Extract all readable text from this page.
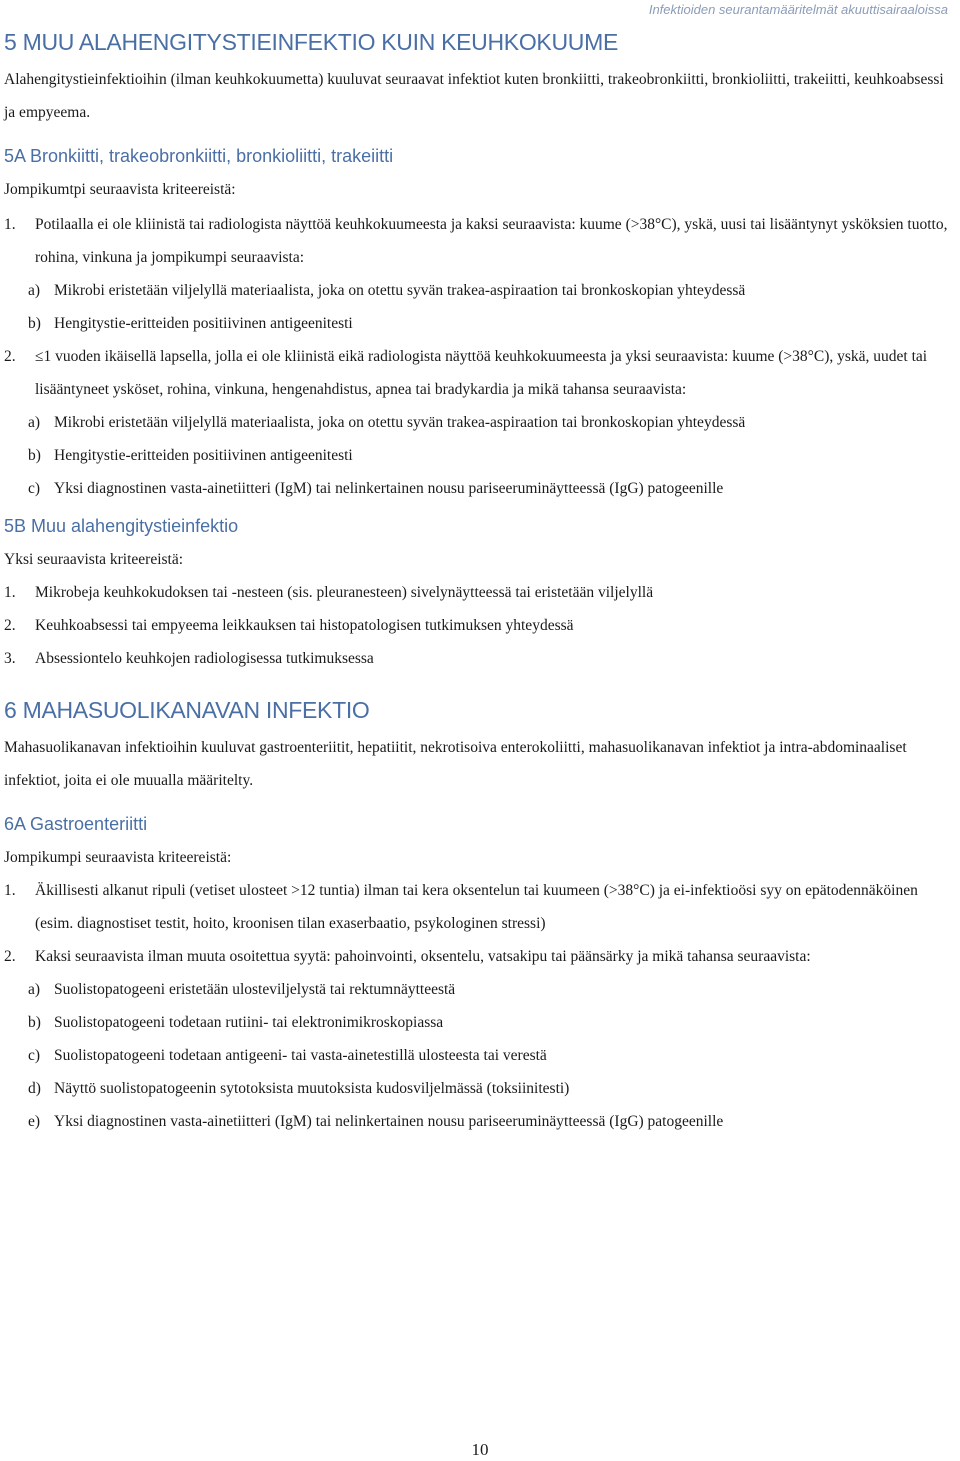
Infektioiden seurantamääritelmät akuuttisairaaloissa
5 MUU ALAHENGITYSTIEINFEKTIO KUIN KEUHKOKUUME

Alahengitystieinfektioihin (ilman keuhkokuumetta) kuuluvat seuraavat infektiot kuten bronkiitti, trakeobronkiitti, bronkioliitti, trakeiitti, keuhkoabsessi ja empyeema.

5A Bronkiitti, trakeobronkiitti, bronkioliitti, trakeiitti

Jompikumtpi seuraavista kriteereistä:

1. Potilaalla ei ole kliinistä tai radiologista näyttöä keuhkokuumeesta ja kaksi seuraavista: kuume (>38°C), yskä, uusi tai lisääntynyt ysköksien tuotto, rohina, vinkuna ja jompikumpi seuraavista:
a) Mikrobi eristetään viljelyllä materiaalista, joka on otettu syvän trakea-aspiraation tai bronkoskopian yhteydessä
b) Hengitystie-eritteiden positiivinen antigeenitesti
2. ≤1 vuoden ikäisellä lapsella, jolla ei ole kliinistä eikä radiologista näyttöä keuhkokuumeesta ja yksi seuraavista: kuume (>38°C), yskä, uudet tai lisääntyneet ysköset, rohina, vinkuna, hengenahdistus, apnea tai bradykardia ja mikä tahansa seuraavista:
a) Mikrobi eristetään viljelyllä materiaalista, joka on otettu syvän trakea-aspiraation tai bronkoskopian yhteydessä
b) Hengitystie-eritteiden positiivinen antigeenitesti
c) Yksi diagnostinen vasta-ainetiitteri (IgM) tai nelinkertainen nousu pariseeruminäytteessä (IgG) patogeenille
5B Muu alahengitystieinfektio

Yksi seuraavista kriteereistä:

1. Mikrobeja keuhkokudoksen tai -nesteen (sis. pleuranesteen) sivelynäytteessä tai eristetään viljelyllä
2. Keuhkoabsessi tai empyeema leikkauksen tai histopatologisen tutkimuksen yhteydessä
3. Absessiontelo keuhkojen radiologisessa tutkimuksessa
6 MAHASUOLIKANAVAN INFEKTIO

Mahasuolikanavan infektioihin kuuluvat gastroenteriitit, hepatiitit, nekrotisoiva enterokoliitti, mahasuolikanavan infektiot ja intra-abdominaaliset infektiot, joita ei ole muualla määritelty.

6A Gastroenteriitti

Jompikumpi seuraavista kriteereistä:

1. Äkillisesti alkanut ripuli (vetiset ulosteet >12 tuntia) ilman tai kera oksentelun tai kuumeen (>38°C) ja ei-infektioösi syy on epätodennäköinen (esim. diagnostiset testit, hoito, kroonisen tilan exaserbaatio, psykologinen stressi)
2. Kaksi seuraavista ilman muuta osoitettua syytä: pahoinvointi, oksentelu, vatsakipu tai päänsärky ja mikä tahansa seuraavista:
a) Suolistopatogeeni eristetään ulosteviljelystä tai rektumnäytteestä
b) Suolistopatogeeni todetaan rutiini- tai elektronimikroskopiassa
c) Suolistopatogeeni todetaan antigeeni- tai vasta-ainetestillä ulosteesta tai verestä
d) Näyttö suolistopatogeenin sytotoksista muutoksista kudosviljelmässä (toksiinitesti)
e) Yksi diagnostinen vasta-ainetiitteri (IgM) tai nelinkertainen nousu pariseeruminäytteessä (IgG) patogeenille
10
